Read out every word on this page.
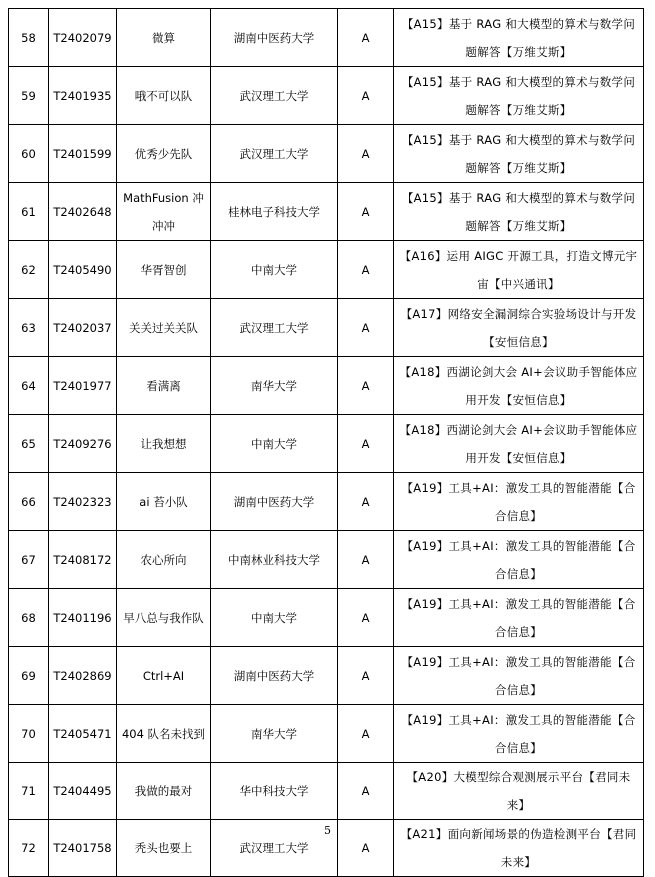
58	T2402079	微算	湖南中医药大学	A	【A15】基于 RAG 和大模型的算术与数学问题解答【万维艾斯】
59	T2401935	哦不可以队	武汉理工大学	A	【A15】基于 RAG 和大模型的算术与数学问题解答【万维艾斯】
60	T2401599	优秀少先队	武汉理工大学	A	【A15】基于 RAG 和大模型的算术与数学问题解答【万维艾斯】
61	T2402648	MathFusion 冲冲冲	桂林电子科技大学	A	【A15】基于 RAG 和大模型的算术与数学问题解答【万维艾斯】
62	T2405490	华胥智创	中南大学	A	【A16】运用 AIGC 开源工具，打造文博元宇宙【中兴通讯】
63	T2402037	关关过关关队	武汉理工大学	A	【A17】网络安全漏洞综合实验场设计与开发【安恒信息】
64	T2401977	看满离	南华大学	A	【A18】西湖论剑大会 AI+会议助手智能体应用开发【安恒信息】
65	T2409276	让我想想	中南大学	A	【A18】西湖论剑大会 AI+会议助手智能体应用开发【安恒信息】
66	T2402323	ai 苔小队	湖南中医药大学	A	【A19】工具+AI：激发工具的智能潜能【合合信息】
67	T2408172	农心所向	中南林业科技大学	A	【A19】工具+AI：激发工具的智能潜能【合合信息】
68	T2401196	早八总与我作队	中南大学	A	【A19】工具+AI：激发工具的智能潜能【合合信息】
69	T2402869	Ctrl+AI	湖南中医药大学	A	【A19】工具+AI：激发工具的智能潜能【合合信息】
70	T2405471	404 队名未找到	南华大学	A	【A19】工具+AI：激发工具的智能潜能【合合信息】
71	T2404495	我做的最对	华中科技大学	A	【A20】大模型综合观测展示平台【君同未来】
72	T2401758	秃头也要上	武汉理工大学	A	【A21】面向新闻场景的伪造检测平台【君同未来】
5
